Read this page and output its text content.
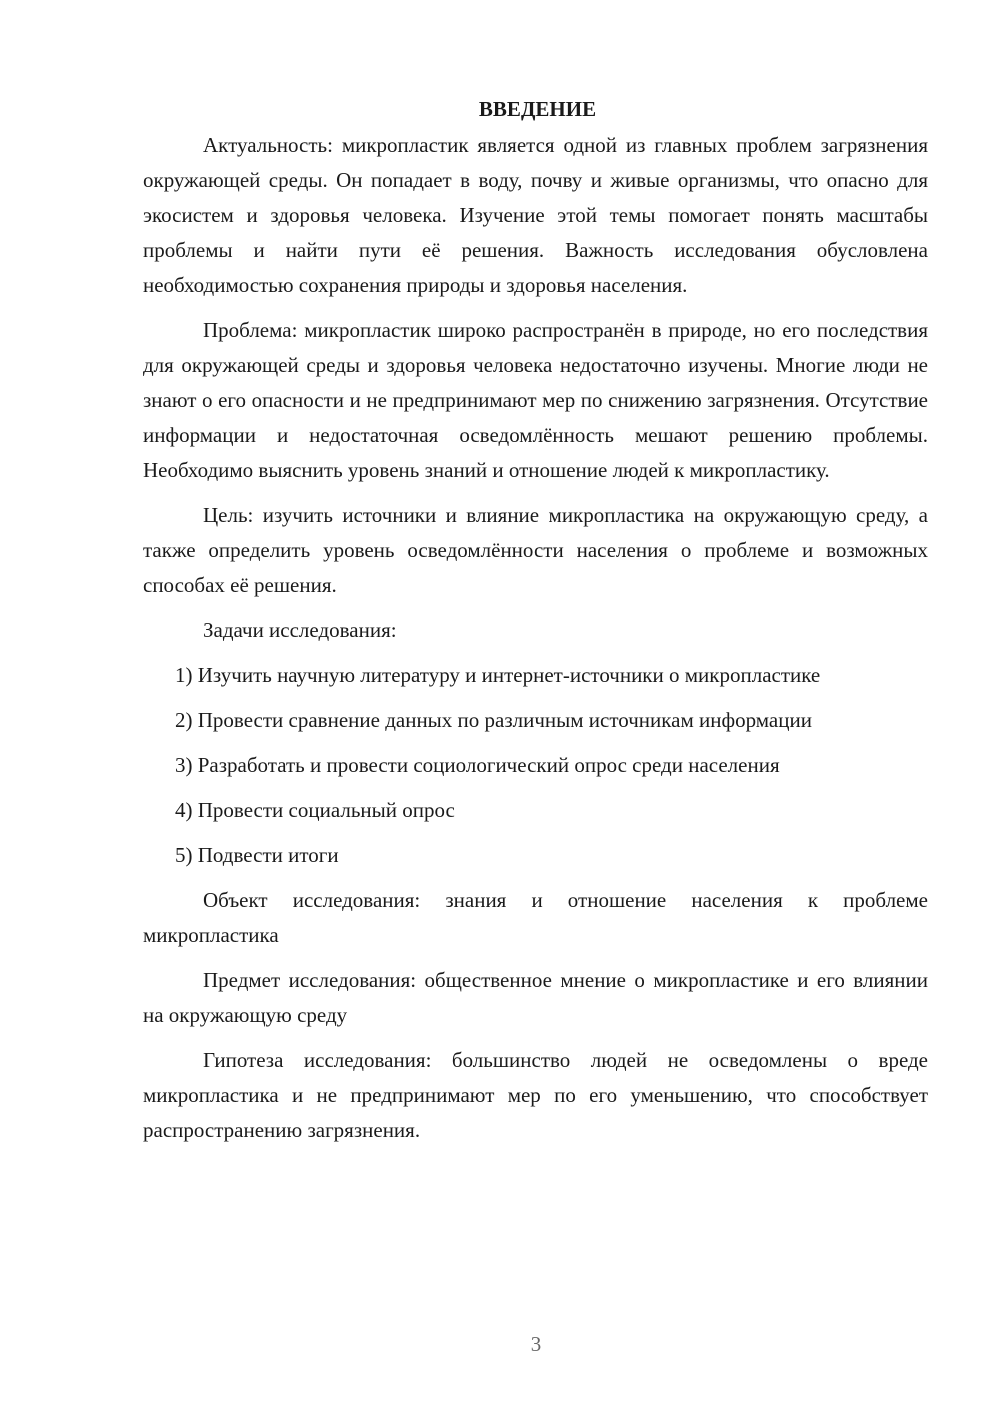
ВВЕДЕНИЕ

Актуальность: микропластик является одной из главных проблем загрязнения окружающей среды. Он попадает в воду, почву и живые организмы, что опасно для экосистем и здоровья человека. Изучение этой темы помогает понять масштабы проблемы и найти пути её решения. Важность исследования обусловлена необходимостью сохранения природы и здоровья населения.

Проблема: микропластик широко распространён в природе, но его последствия для окружающей среды и здоровья человека недостаточно изучены. Многие люди не знают о его опасности и не предпринимают мер по снижению загрязнения. Отсутствие информации и недостаточная осведомлённость мешают решению проблемы. Необходимо выяснить уровень знаний и отношение людей к микропластику.

Цель: изучить источники и влияние микропластика на окружающую среду, а также определить уровень осведомлённости населения о проблеме и возможных способах её решения.

Задачи исследования:

1) Изучить научную литературу и интернет-источники о микропластике

2) Провести сравнение данных по различным источникам информации

3) Разработать и провести социологический опрос среди населения

4) Провести социальный опрос

5) Подвести итоги

Объект исследования: знания и отношение населения к проблеме микропластика

Предмет исследования: общественное мнение о микропластике и его влиянии на окружающую среду

Гипотеза исследования: большинство людей не осведомлены о вреде микропластика и не предпринимают мер по его уменьшению, что способствует распространению загрязнения.

3
